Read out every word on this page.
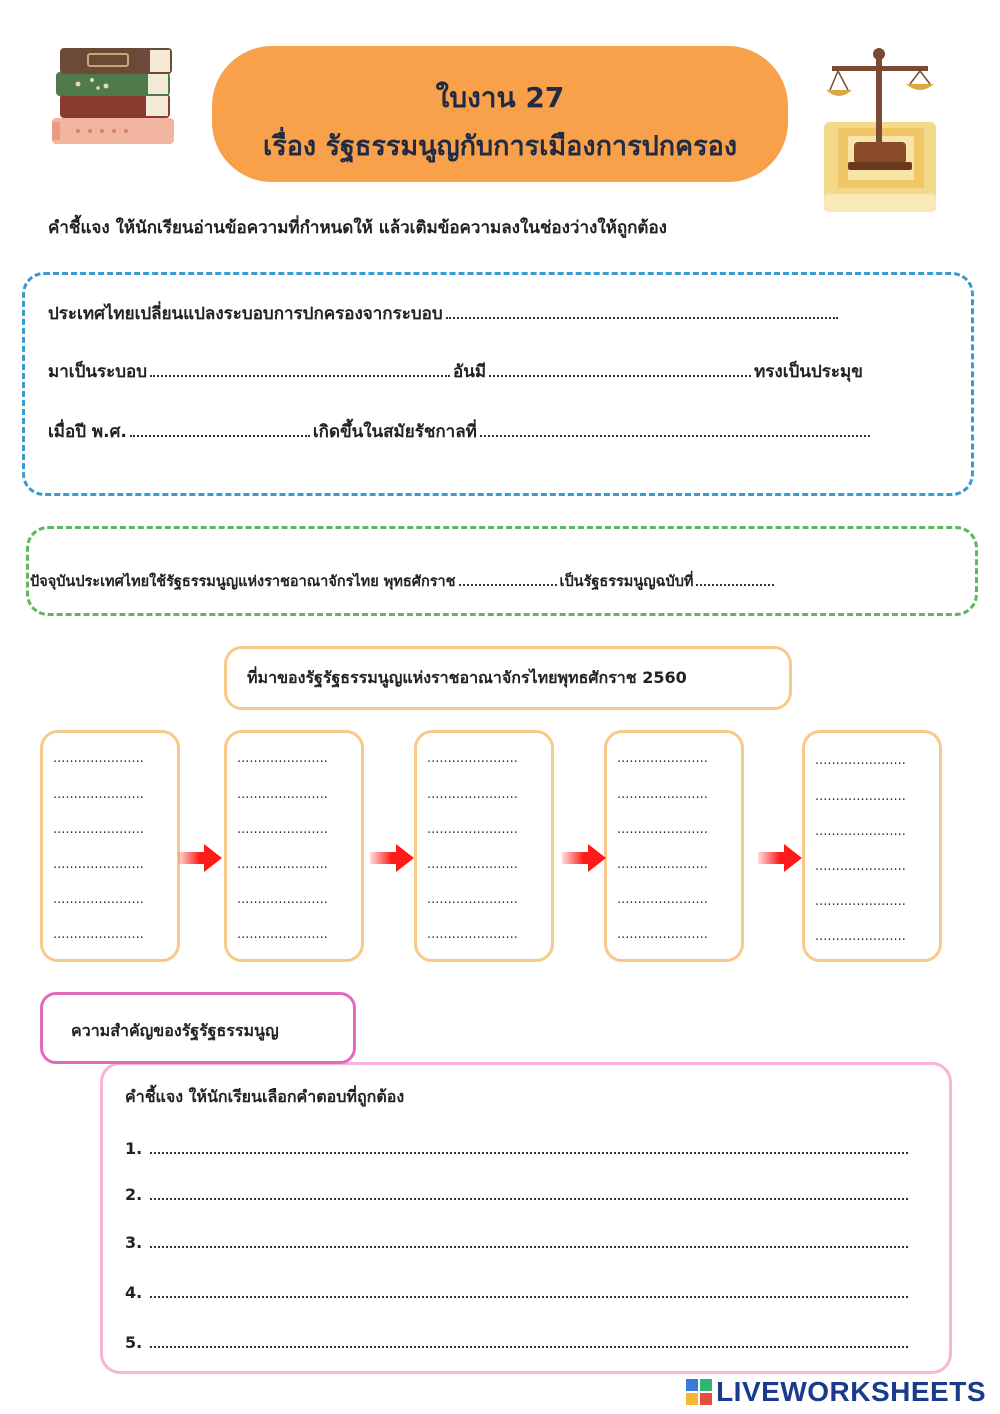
ใบงาน 27
เรื่อง รัฐธรรมนูญกับการเมืองการปกครอง
คำชี้แจง ให้นักเรียนอ่านข้อความที่กำหนดให้ แล้วเติมข้อความลงในช่องว่างให้ถูกต้อง
ประเทศไทยเปลี่ยนแปลงระบอบการปกครองจากระบอบ
มาเป็นระบอบ	อันมี	ทรงเป็นประมุข
เมื่อปี พ.ศ.	เกิดขึ้นในสมัยรัชกาลที่
ปัจจุบันประเทศไทยใช้รัฐธรรมนูญแห่งราชอาณาจักรไทย พุทธศักราช	เป็นรัฐธรรมนูญฉบับที่
ที่มาของรัฐรัฐธรรมนูญแห่งราชอาณาจักรไทยพุทธศักราช 2560
......................
......................
......................
......................
......................
......................
......................
......................
......................
......................
......................
......................
......................
......................
......................
......................
......................
......................
......................
......................
......................
......................
......................
......................
......................
......................
......................
......................
......................
......................
คำชี้แจง ให้นักเรียนเลือกคำตอบที่ถูกต้อง
1.
2.
3.
4.
5.
ความสำคัญของรัฐรัฐธรรมนูญ
LIVEWORKSHEETS
